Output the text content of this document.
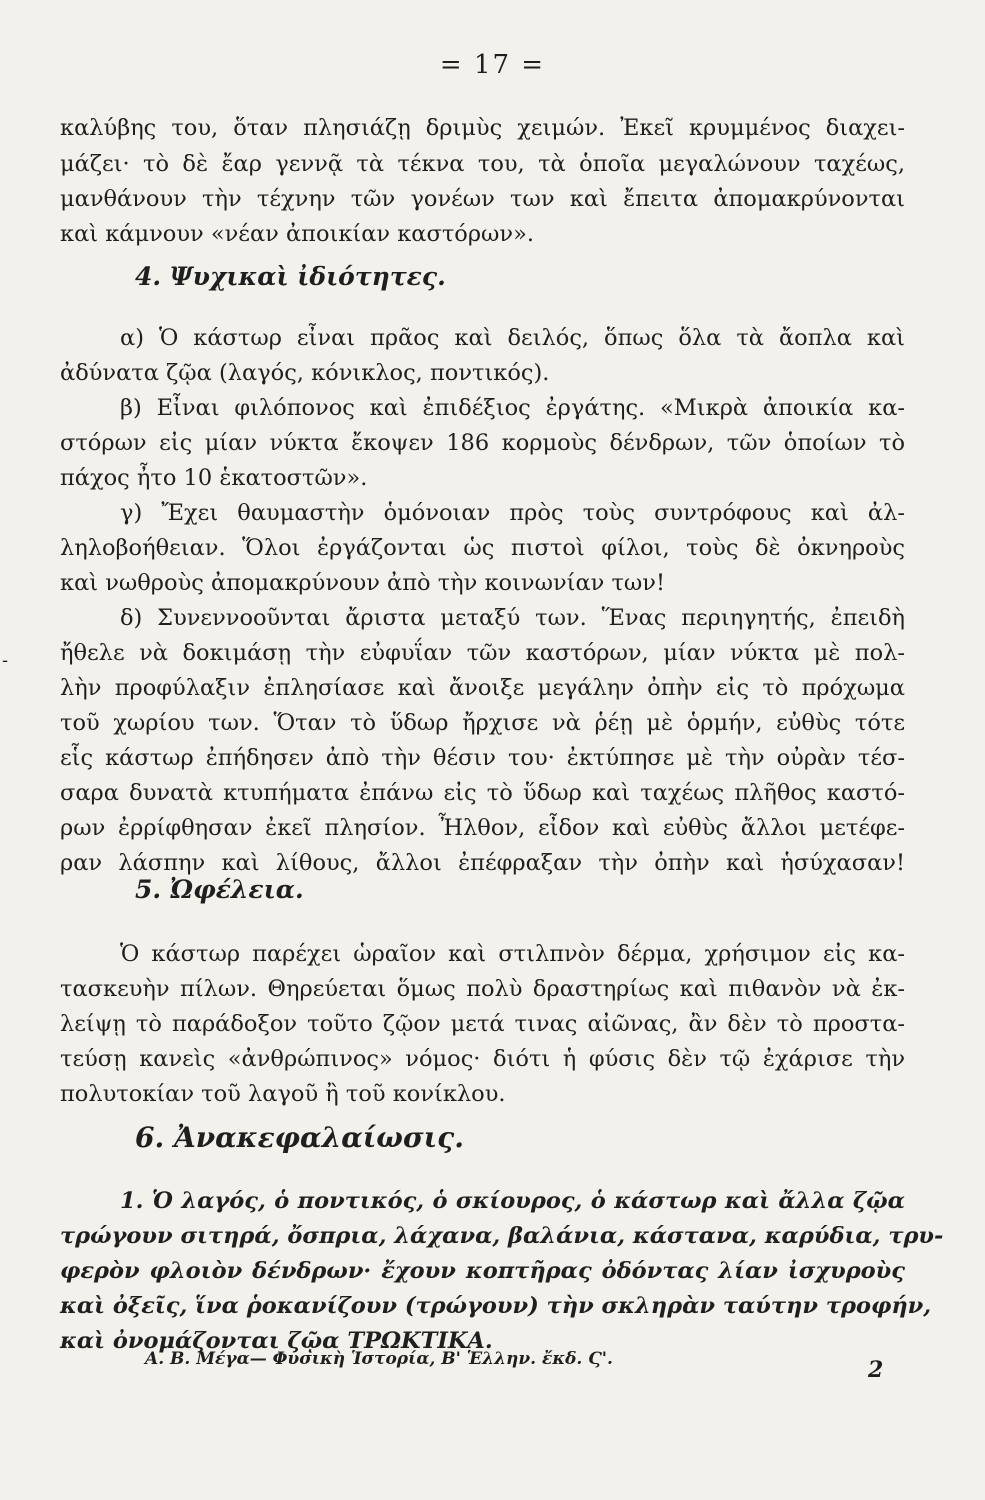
= 17 =
καλύβης του, ὅταν πλησιάζῃ δριμὺς χειμών. Ἐκεῖ κρυμμένος διαχει-
μάζει· τὸ δὲ ἔαρ γεννᾷ τὰ τέκνα του, τὰ ὁποῖα μεγαλώνουν ταχέως,
μανθάνουν τὴν τέχνην τῶν γονέων των καὶ ἔπειτα ἀπομακρύνονται
καὶ κάμνουν «νέαν ἀποικίαν καστόρων».
4. Ψυχικαὶ ἰδιότητες.
α) Ὁ κάστωρ εἶναι πρᾶος καὶ δειλός, ὅπως ὅλα τὰ ἄοπλα καὶ
ἀδύνατα ζῷα (λαγός, κόνικλος, ποντικός).
β) Εἶναι φιλόπονος καὶ ἐπιδέξιος ἐργάτης. «Μικρὰ ἀποικία κα-
στόρων εἰς μίαν νύκτα ἔκοψεν 186 κορμοὺς δένδρων, τῶν ὁποίων τὸ
πάχος ἦτο 10 ἑκατοστῶν».
γ) Ἔχει θαυμαστὴν ὁμόνοιαν πρὸς τοὺς συντρόφους καὶ ἀλ-
ληλοβοήθειαν. Ὅλοι ἐργάζονται ὡς πιστοὶ φίλοι, τοὺς δὲ ὀκνηροὺς
καὶ νωθροὺς ἀπομακρύνουν ἀπὸ τὴν κοινωνίαν των!
δ) Συνεννοοῦνται ἄριστα μεταξύ των. Ἕνας περιηγητής, ἐπειδὴ
ἤθελε νὰ δοκιμάσῃ τὴν εὐφυΐαν τῶν καστόρων, μίαν νύκτα μὲ πολ-
λὴν προφύλαξιν ἐπλησίασε καὶ ἄνοιξε μεγάλην ὀπὴν εἰς τὸ πρόχωμα
τοῦ χωρίου των. Ὅταν τὸ ὕδωρ ἤρχισε νὰ ῥέῃ μὲ ὁρμήν, εὐθὺς τότε
εἷς κάστωρ ἐπήδησεν ἀπὸ τὴν θέσιν του· ἐκτύπησε μὲ τὴν οὐρὰν τέσ-
σαρα δυνατὰ κτυπήματα ἐπάνω εἰς τὸ ὕδωρ καὶ ταχέως πλῆθος καστό-
ρων ἐρρίφθησαν ἐκεῖ πλησίον. Ἦλθον, εἶδον καὶ εὐθὺς ἄλλοι μετέφε-
ραν λάσπην καὶ λίθους, ἄλλοι ἐπέφραξαν τὴν ὀπὴν καὶ ἡσύχασαν!
5. Ὠφέλεια.
Ὁ κάστωρ παρέχει ὡραῖον καὶ στιλπνὸν δέρμα, χρήσιμον εἰς κα-
τασκευὴν πίλων. Θηρεύεται ὅμως πολὺ δραστηρίως καὶ πιθανὸν νὰ ἐκ-
λείψῃ τὸ παράδοξον τοῦτο ζῷον μετά τινας αἰῶνας, ἂν δὲν τὸ προστα-
τεύσῃ κανεὶς «ἀνθρώπινος» νόμος· διότι ἡ φύσις δὲν τῷ ἐχάρισε τὴν
πολυτοκίαν τοῦ λαγοῦ ἢ τοῦ κονίκλου.
6. Ἀνακεφαλαίωσις.
1. Ὁ λαγός, ὁ ποντικός, ὁ σκίουρος, ὁ κάστωρ καὶ ἄλλα ζῷα
τρώγουν σιτηρά, ὄσπρια, λάχανα, βαλάνια, κάστανα, καρύδια, τρυ-
φερὸν φλοιὸν δένδρων· ἔχουν κοπτῆρας ὀδόντας λίαν ἰσχυροὺς
καὶ ὀξεῖς, ἵνα ῥοκανίζουν (τρώγουν) τὴν σκληρὰν ταύτην τροφήν,
καὶ ὀνομάζονται ζῷα ΤΡΩΚΤΙΚΑ.
Α. Β. Μέγα— Φυσικὴ Ἱστορία, Β' Ἑλλην. ἔκδ. Ϛ'.	2
-
